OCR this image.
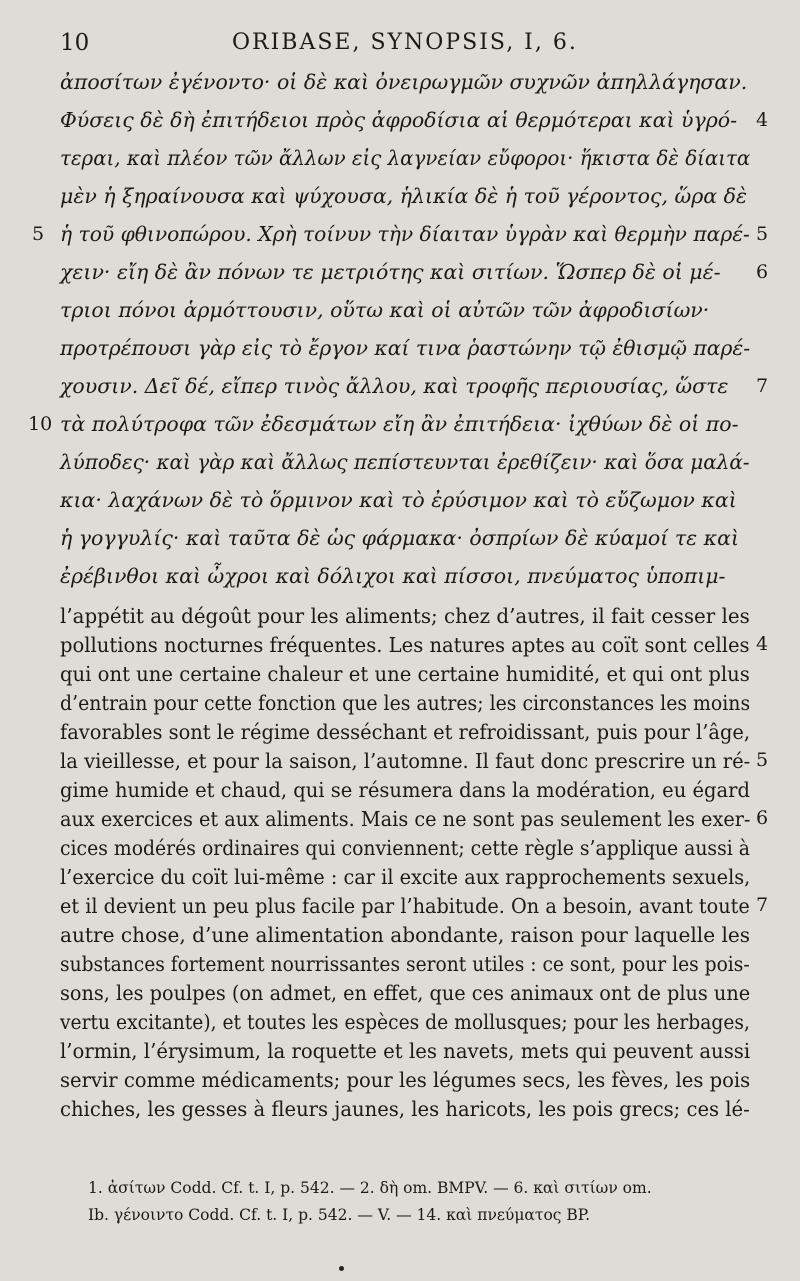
10	ORIBASE, SYNOPSIS, I, 6.
ἀποσίτων ἐγένοντο· οἱ δὲ καὶ ὀνειρωγμῶν συχνῶν ἀπηλλάγησαν.
Φύσεις δὲ δὴ ἐπιτήδειοι πρὸς ἀφροδίσια αἱ θερμότεραι καὶ ὑγρό-
τεραι, καὶ πλέον τῶν ἄλλων εἰς λαγνείαν εὔφοροι· ἥκιστα δὲ δίαιτα
μὲν ἡ ξηραίνουσα καὶ ψύχουσα, ἡλικία δὲ ἡ τοῦ γέροντος, ὥρα δὲ
ἡ τοῦ φθινοπώρου. Χρὴ τοίνυν τὴν δίαιταν ὑγρὰν καὶ θερμὴν παρέ-
χειν· εἴη δὲ ἂν πόνων τε μετριότης καὶ σιτίων. Ὥσπερ δὲ οἱ μέ-
τριοι πόνοι ἁρμόττουσιν, οὕτω καὶ οἱ αὐτῶν τῶν ἀφροδισίων·
προτρέπουσι γὰρ εἰς τὸ ἔργον καί τινα ῥαστώνην τῷ ἐθισμῷ παρέ-
χουσιν. Δεῖ δέ, εἴπερ τινὸς ἄλλου, καὶ τροφῆς περιουσίας, ὥστε
τὰ πολύτροφα τῶν ἐδεσμάτων εἴη ἂν ἐπιτήδεια· ἰχθύων δὲ οἱ πο-
λύποδες· καὶ γὰρ καὶ ἄλλως πεπίστευνται ἐρεθίζειν· καὶ ὅσα μαλά-
κια· λαχάνων δὲ τὸ ὅρμινον καὶ τὸ ἐρύσιμον καὶ τὸ εὔζωμον καὶ
ἡ γογγυλίς· καὶ ταῦτα δὲ ὡς φάρμακα· ὀσπρίων δὲ κύαμοί τε καὶ
ἐρέβινθοι καὶ ὦχροι καὶ δόλιχοι καὶ πίσσοι, πνεύματος ὑποπιμ-
5
10
4
5
6
7
l’appétit au dégoût pour les aliments; chez d’autres, il fait cesser les
pollutions nocturnes fréquentes. Les natures aptes au coït sont celles
qui ont une certaine chaleur et une certaine humidité, et qui ont plus
d’entrain pour cette fonction que les autres; les circonstances les moins
favorables sont le régime desséchant et refroidissant, puis pour l’âge,
la vieillesse, et pour la saison, l’automne. Il faut donc prescrire un ré-
gime humide et chaud, qui se résumera dans la modération, eu égard
aux exercices et aux aliments. Mais ce ne sont pas seulement les exer-
cices modérés ordinaires qui conviennent; cette règle s’applique aussi à
l’exercice du coït lui-même : car il excite aux rapprochements sexuels,
et il devient un peu plus facile par l’habitude. On a besoin, avant toute
autre chose, d’une alimentation abondante, raison pour laquelle les
substances fortement nourrissantes seront utiles : ce sont, pour les pois-
sons, les poulpes (on admet, en effet, que ces animaux ont de plus une
vertu excitante), et toutes les espèces de mollusques; pour les herbages,
l’ormin, l’érysimum, la roquette et les navets, mets qui peuvent aussi
servir comme médicaments; pour les légumes secs, les fèves, les pois
chiches, les gesses à fleurs jaunes, les haricots, les pois grecs; ces lé-
4
5
6
7
1. ἀσίτων Codd. Cf. t. I, p. 542. — 2. δὴ om. BMPV. — 6. καὶ σιτίων om.
Ib. γένοιντο Codd. Cf. t. I, p. 542. — V. — 14. καὶ πνεύματος BP.
